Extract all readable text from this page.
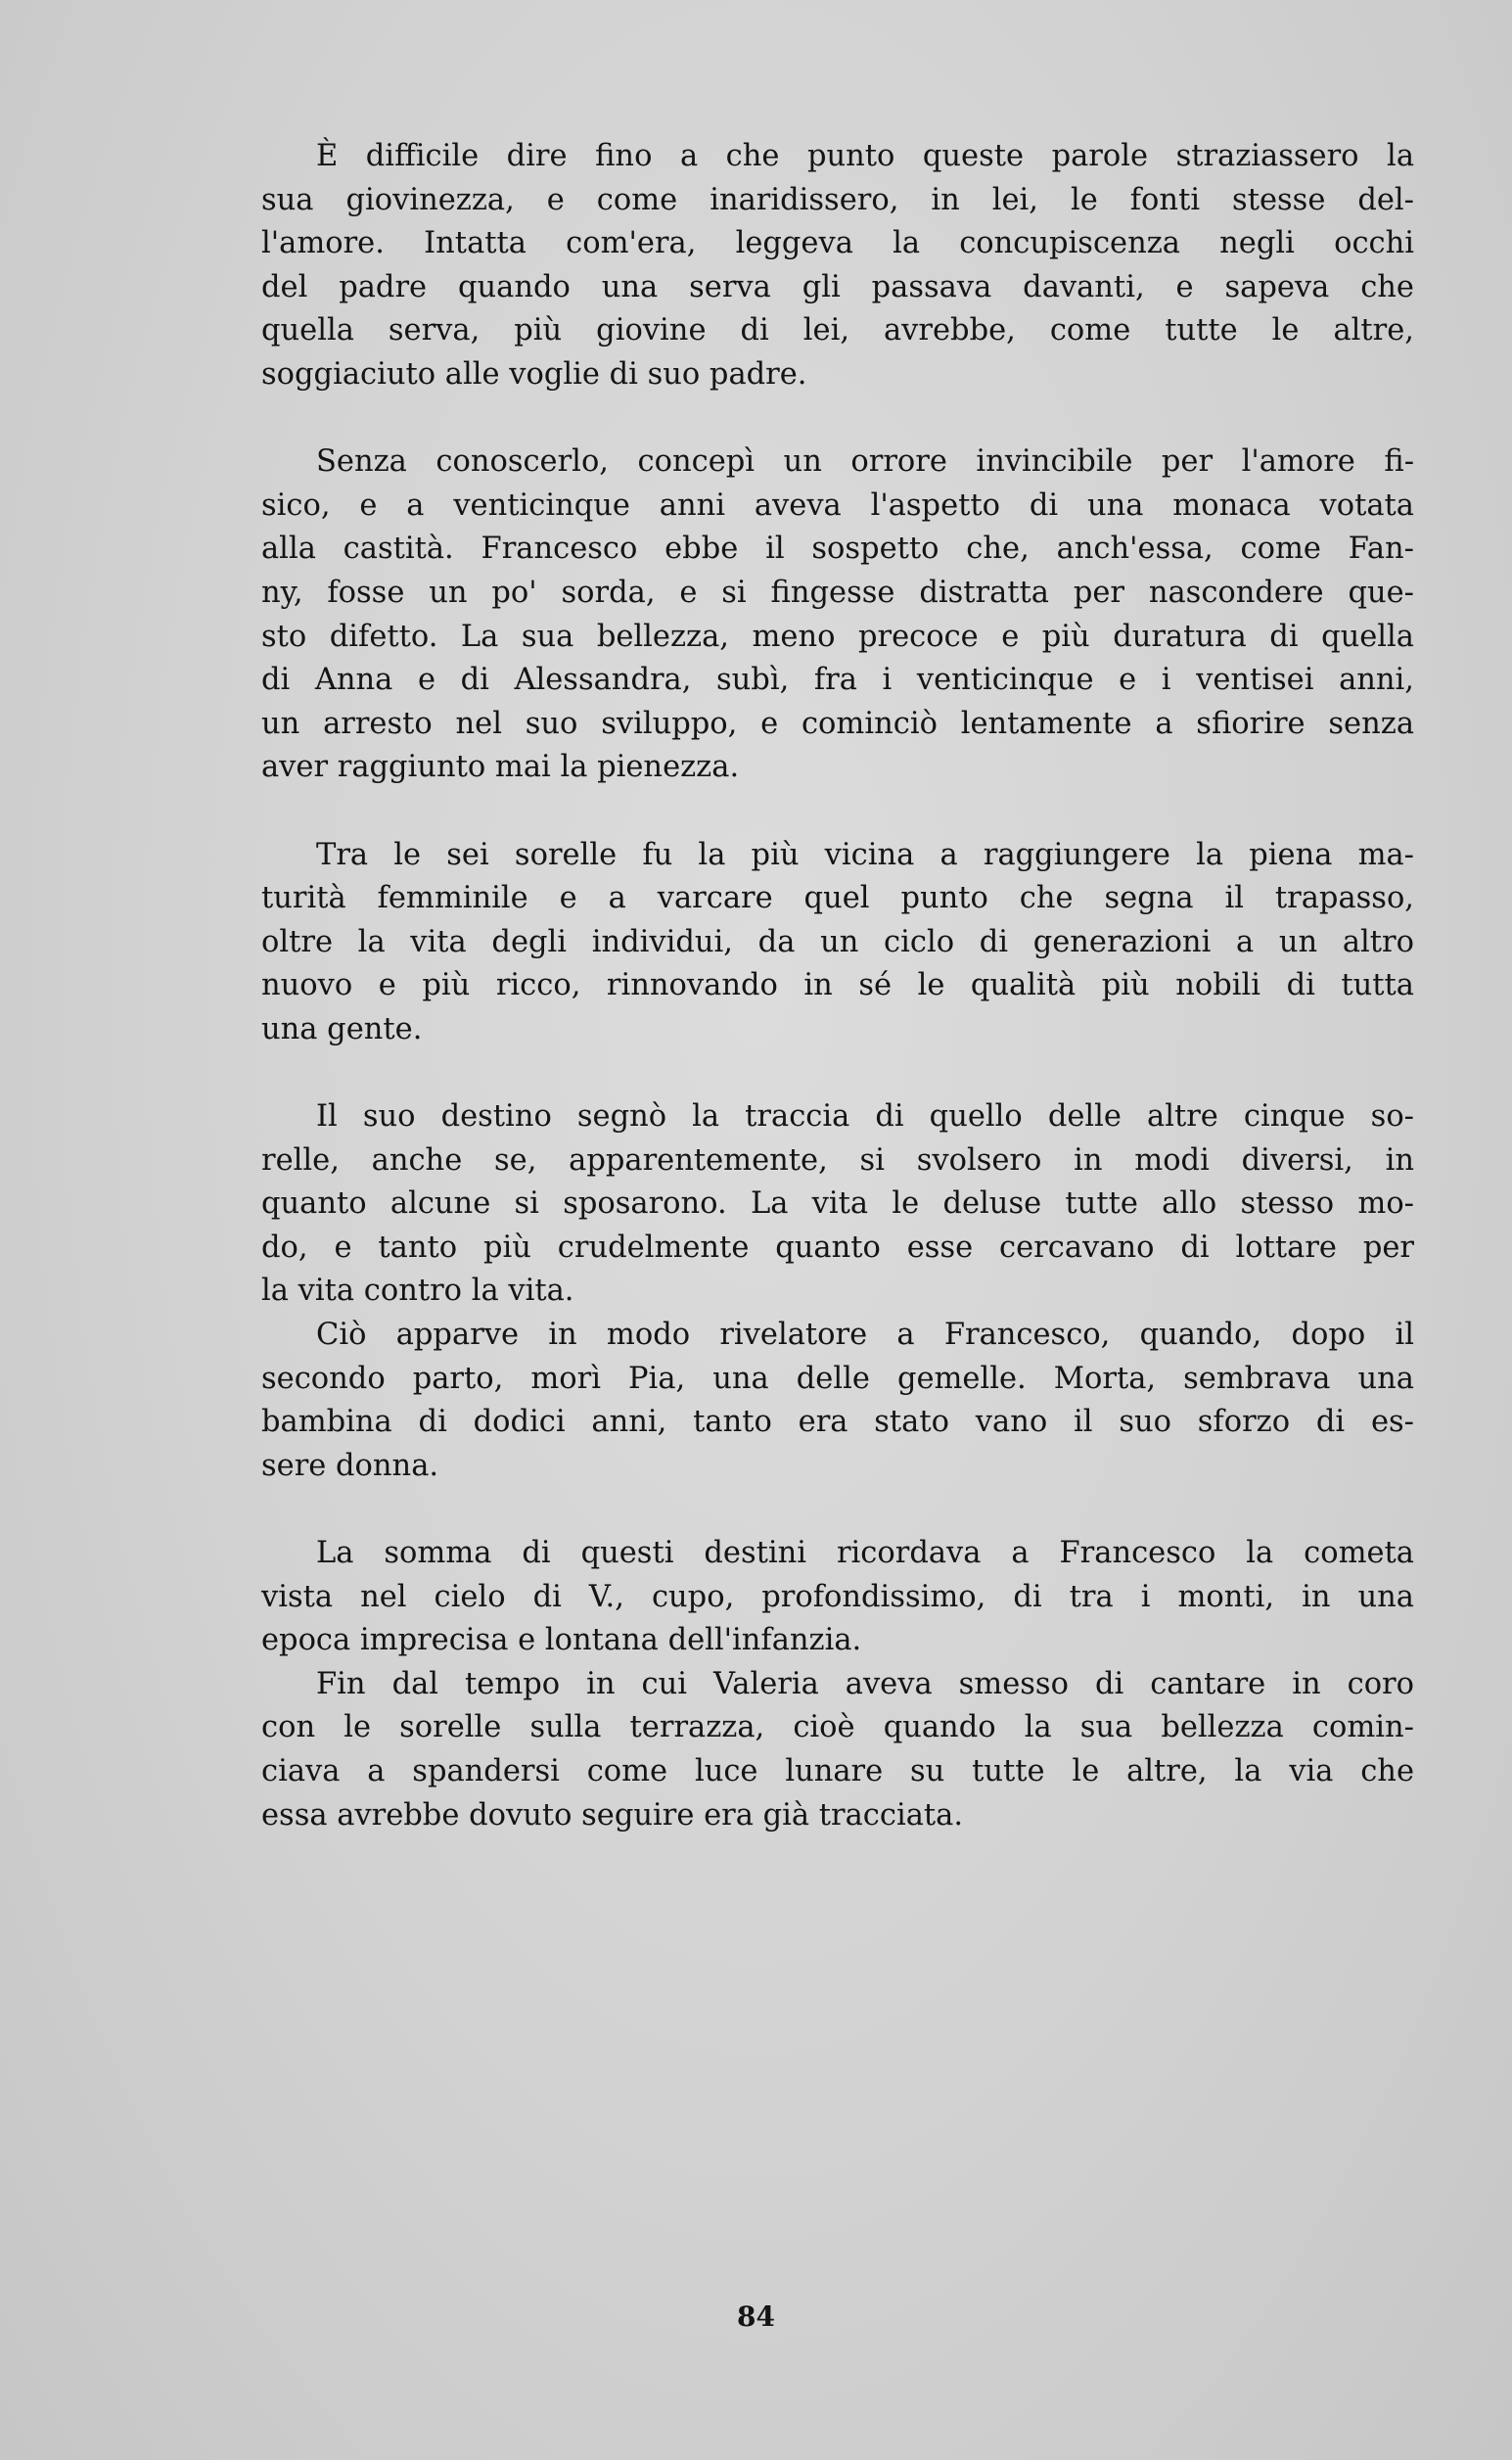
È difficile dire fino a che punto queste parole straziassero la
sua giovinezza, e come inaridissero, in lei, le fonti stesse del-
l'amore. Intatta com'era, leggeva la concupiscenza negli occhi
del padre quando una serva gli passava davanti, e sapeva che
quella serva, più giovine di lei, avrebbe, come tutte le altre,
soggiaciuto alle voglie di suo padre.
Senza conoscerlo, concepì un orrore invincibile per l'amore fi-
sico, e a venticinque anni aveva l'aspetto di una monaca votata
alla castità. Francesco ebbe il sospetto che, anch'essa, come Fan-
ny, fosse un po' sorda, e si fingesse distratta per nascondere que-
sto difetto. La sua bellezza, meno precoce e più duratura di quella
di Anna e di Alessandra, subì, fra i venticinque e i ventisei anni,
un arresto nel suo sviluppo, e cominciò lentamente a sfiorire senza
aver raggiunto mai la pienezza.
Tra le sei sorelle fu la più vicina a raggiungere la piena ma-
turità femminile e a varcare quel punto che segna il trapasso,
oltre la vita degli individui, da un ciclo di generazioni a un altro
nuovo e più ricco, rinnovando in sé le qualità più nobili di tutta
una gente.
Il suo destino segnò la traccia di quello delle altre cinque so-
relle, anche se, apparentemente, si svolsero in modi diversi, in
quanto alcune si sposarono. La vita le deluse tutte allo stesso mo-
do, e tanto più crudelmente quanto esse cercavano di lottare per
la vita contro la vita.
Ciò apparve in modo rivelatore a Francesco, quando, dopo il
secondo parto, morì Pia, una delle gemelle. Morta, sembrava una
bambina di dodici anni, tanto era stato vano il suo sforzo di es-
sere donna.
La somma di questi destini ricordava a Francesco la cometa
vista nel cielo di V., cupo, profondissimo, di tra i monti, in una
epoca imprecisa e lontana dell'infanzia.
Fin dal tempo in cui Valeria aveva smesso di cantare in coro
con le sorelle sulla terrazza, cioè quando la sua bellezza comin-
ciava a spandersi come luce lunare su tutte le altre, la via che
essa avrebbe dovuto seguire era già tracciata.
84
